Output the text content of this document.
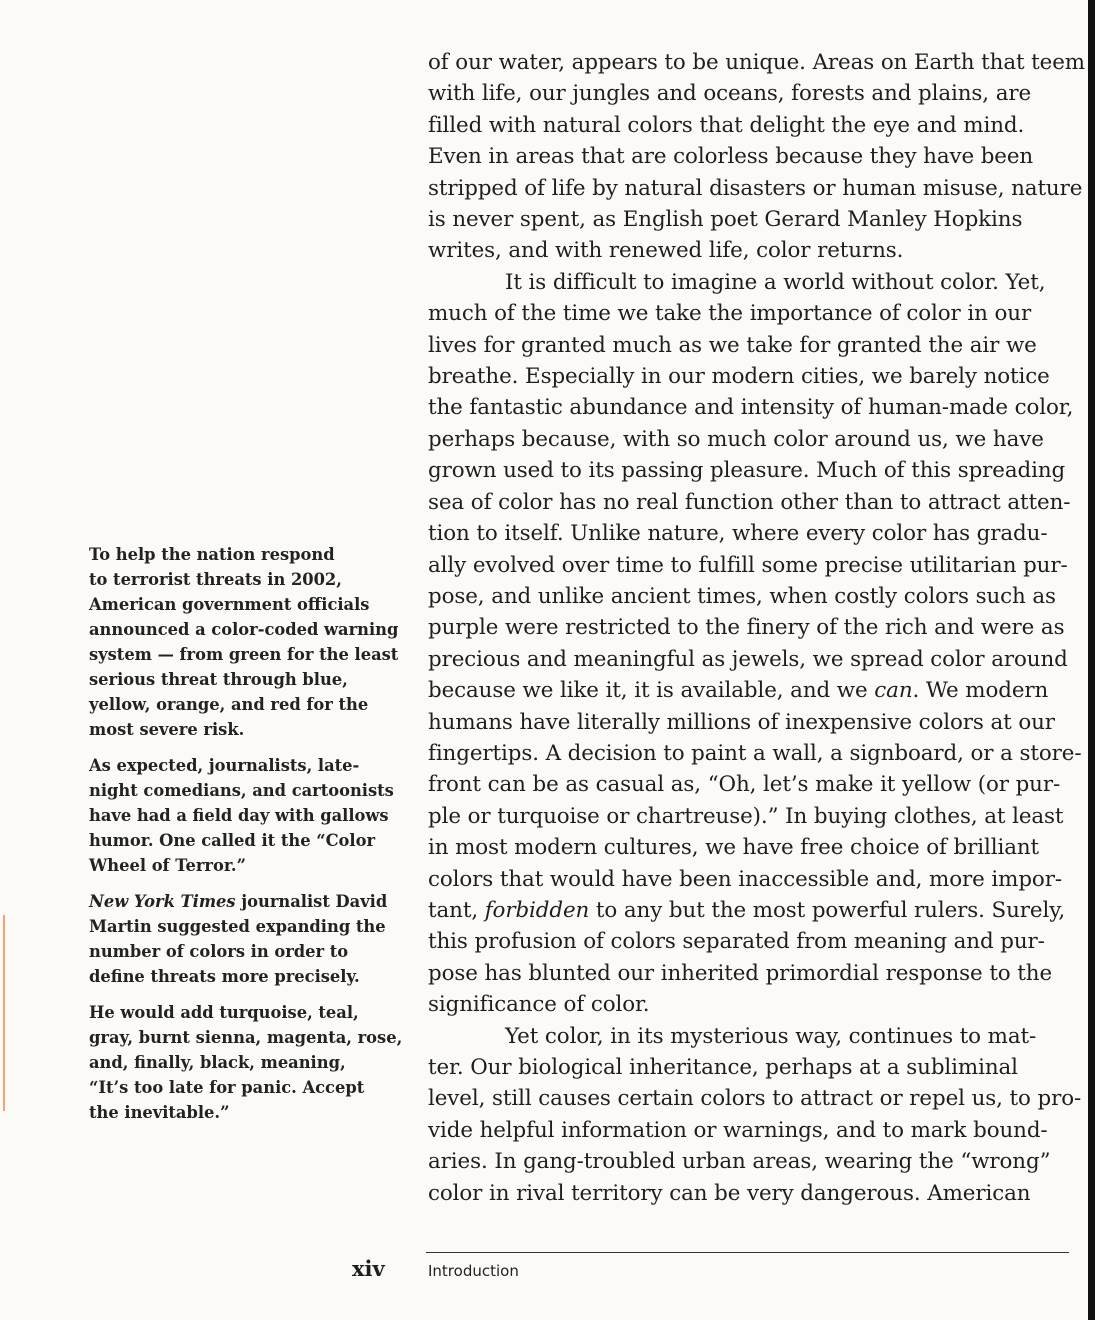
of our water, appears to be unique. Areas on Earth that teem
with life, our jungles and oceans, forests and plains, are
filled with natural colors that delight the eye and mind.
Even in areas that are colorless because they have been
stripped of life by natural disasters or human misuse, nature
is never spent, as English poet Gerard Manley Hopkins
writes, and with renewed life, color returns.
It is difficult to imagine a world without color. Yet,
much of the time we take the importance of color in our
lives for granted much as we take for granted the air we
breathe. Especially in our modern cities, we barely notice
the fantastic abundance and intensity of human-made color,
perhaps because, with so much color around us, we have
grown used to its passing pleasure. Much of this spreading
sea of color has no real function other than to attract atten-
tion to itself. Unlike nature, where every color has gradu-
ally evolved over time to fulfill some precise utilitarian pur-
pose, and unlike ancient times, when costly colors such as
purple were restricted to the finery of the rich and were as
precious and meaningful as jewels, we spread color around
because we like it, it is available, and we can. We modern
humans have literally millions of inexpensive colors at our
fingertips. A decision to paint a wall, a signboard, or a store-
front can be as casual as, “Oh, let’s make it yellow (or pur-
ple or turquoise or chartreuse).” In buying clothes, at least
in most modern cultures, we have free choice of brilliant
colors that would have been inaccessible and, more impor-
tant, forbidden to any but the most powerful rulers. Surely,
this profusion of colors separated from meaning and pur-
pose has blunted our inherited primordial response to the
significance of color.
Yet color, in its mysterious way, continues to mat-
ter. Our biological inheritance, perhaps at a subliminal
level, still causes certain colors to attract or repel us, to pro-
vide helpful information or warnings, and to mark bound-
aries. In gang-troubled urban areas, wearing the “wrong”
color in rival territory can be very dangerous. American
To help the nation respond
to terrorist threats in 2002,
American government officials
announced a color-coded warning
system — from green for the least
serious threat through blue,
yellow, orange, and red for the
most severe risk.
As expected, journalists, late-
night comedians, and cartoonists
have had a field day with gallows
humor. One called it the “Color
Wheel of Terror.”
New York Times journalist David
Martin suggested expanding the
number of colors in order to
define threats more precisely.
He would add turquoise, teal,
gray, burnt sienna, magenta, rose,
and, finally, black, meaning,
“It’s too late for panic. Accept
the inevitable.”
xiv	Introduction
